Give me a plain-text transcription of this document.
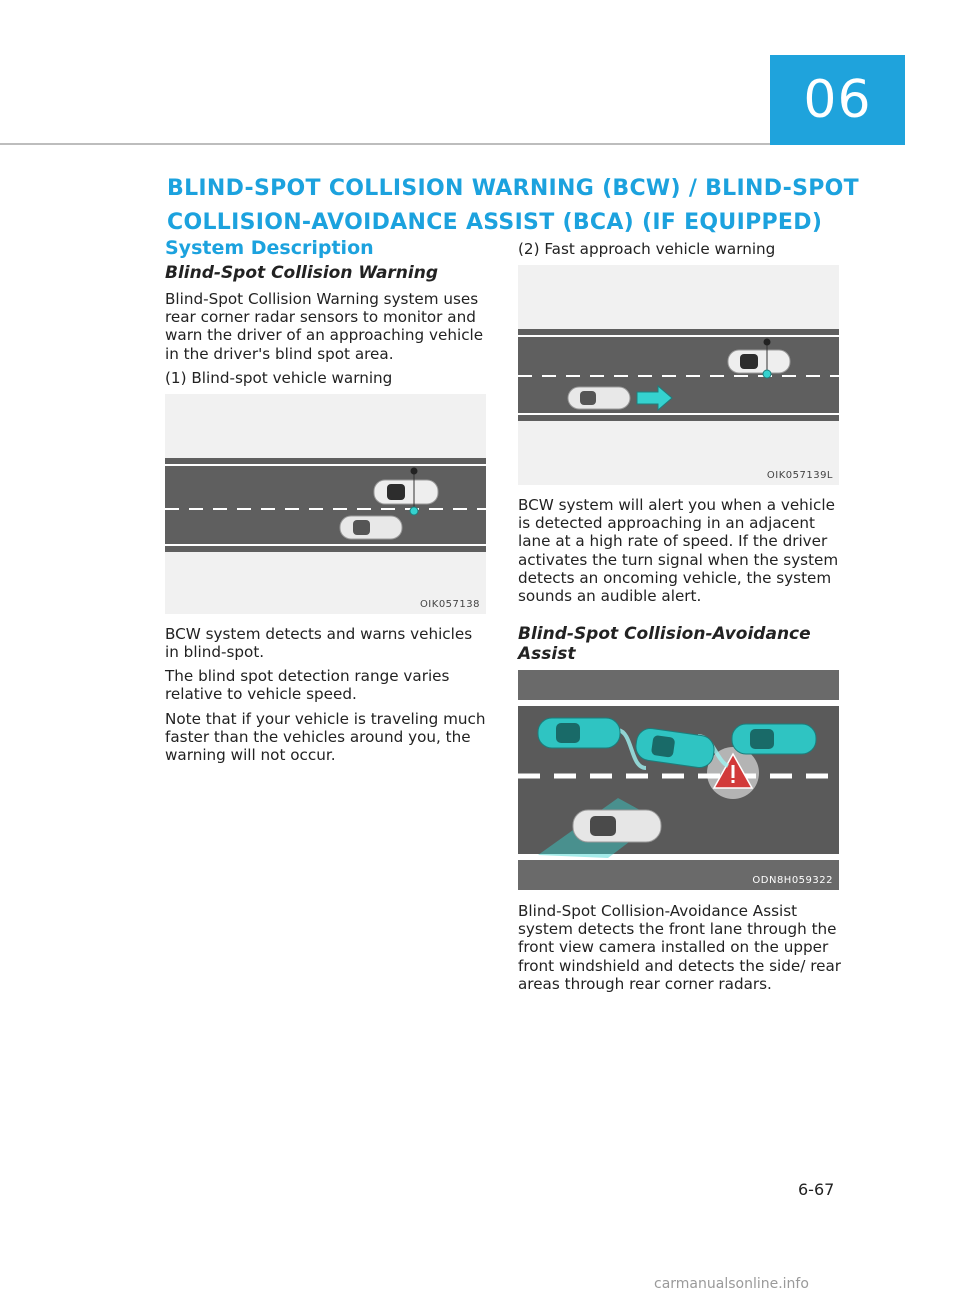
06
BLIND-SPOT COLLISION WARNING (BCW) / BLIND-SPOT
COLLISION-AVOIDANCE ASSIST (BCA) (IF EQUIPPED)
System Description
Blind-Spot Collision Warning
Blind-Spot Collision Warning system uses rear corner radar sensors to monitor and warn the driver of an approaching vehicle in the driver's blind spot area.
(1) Blind-spot vehicle warning
OIK057138
BCW system detects and warns vehicles in blind-spot.
The blind spot detection range varies relative to vehicle speed.
Note that if your vehicle is traveling much faster than the vehicles around you, the warning will not occur.
(2) Fast approach vehicle warning
OIK057139L
BCW system will alert you when a vehicle is detected approaching in an adjacent lane at a high rate of speed. If the driver activates the turn signal when the system detects an oncoming vehicle, the system sounds an audible alert.
Blind-Spot Collision-Avoidance Assist
ODN8H059322
Blind-Spot Collision-Avoidance Assist system detects the front lane through the front view camera installed on the upper front windshield and detects the side/ rear areas through rear corner radars.
6-67
carmanualsonline.info
